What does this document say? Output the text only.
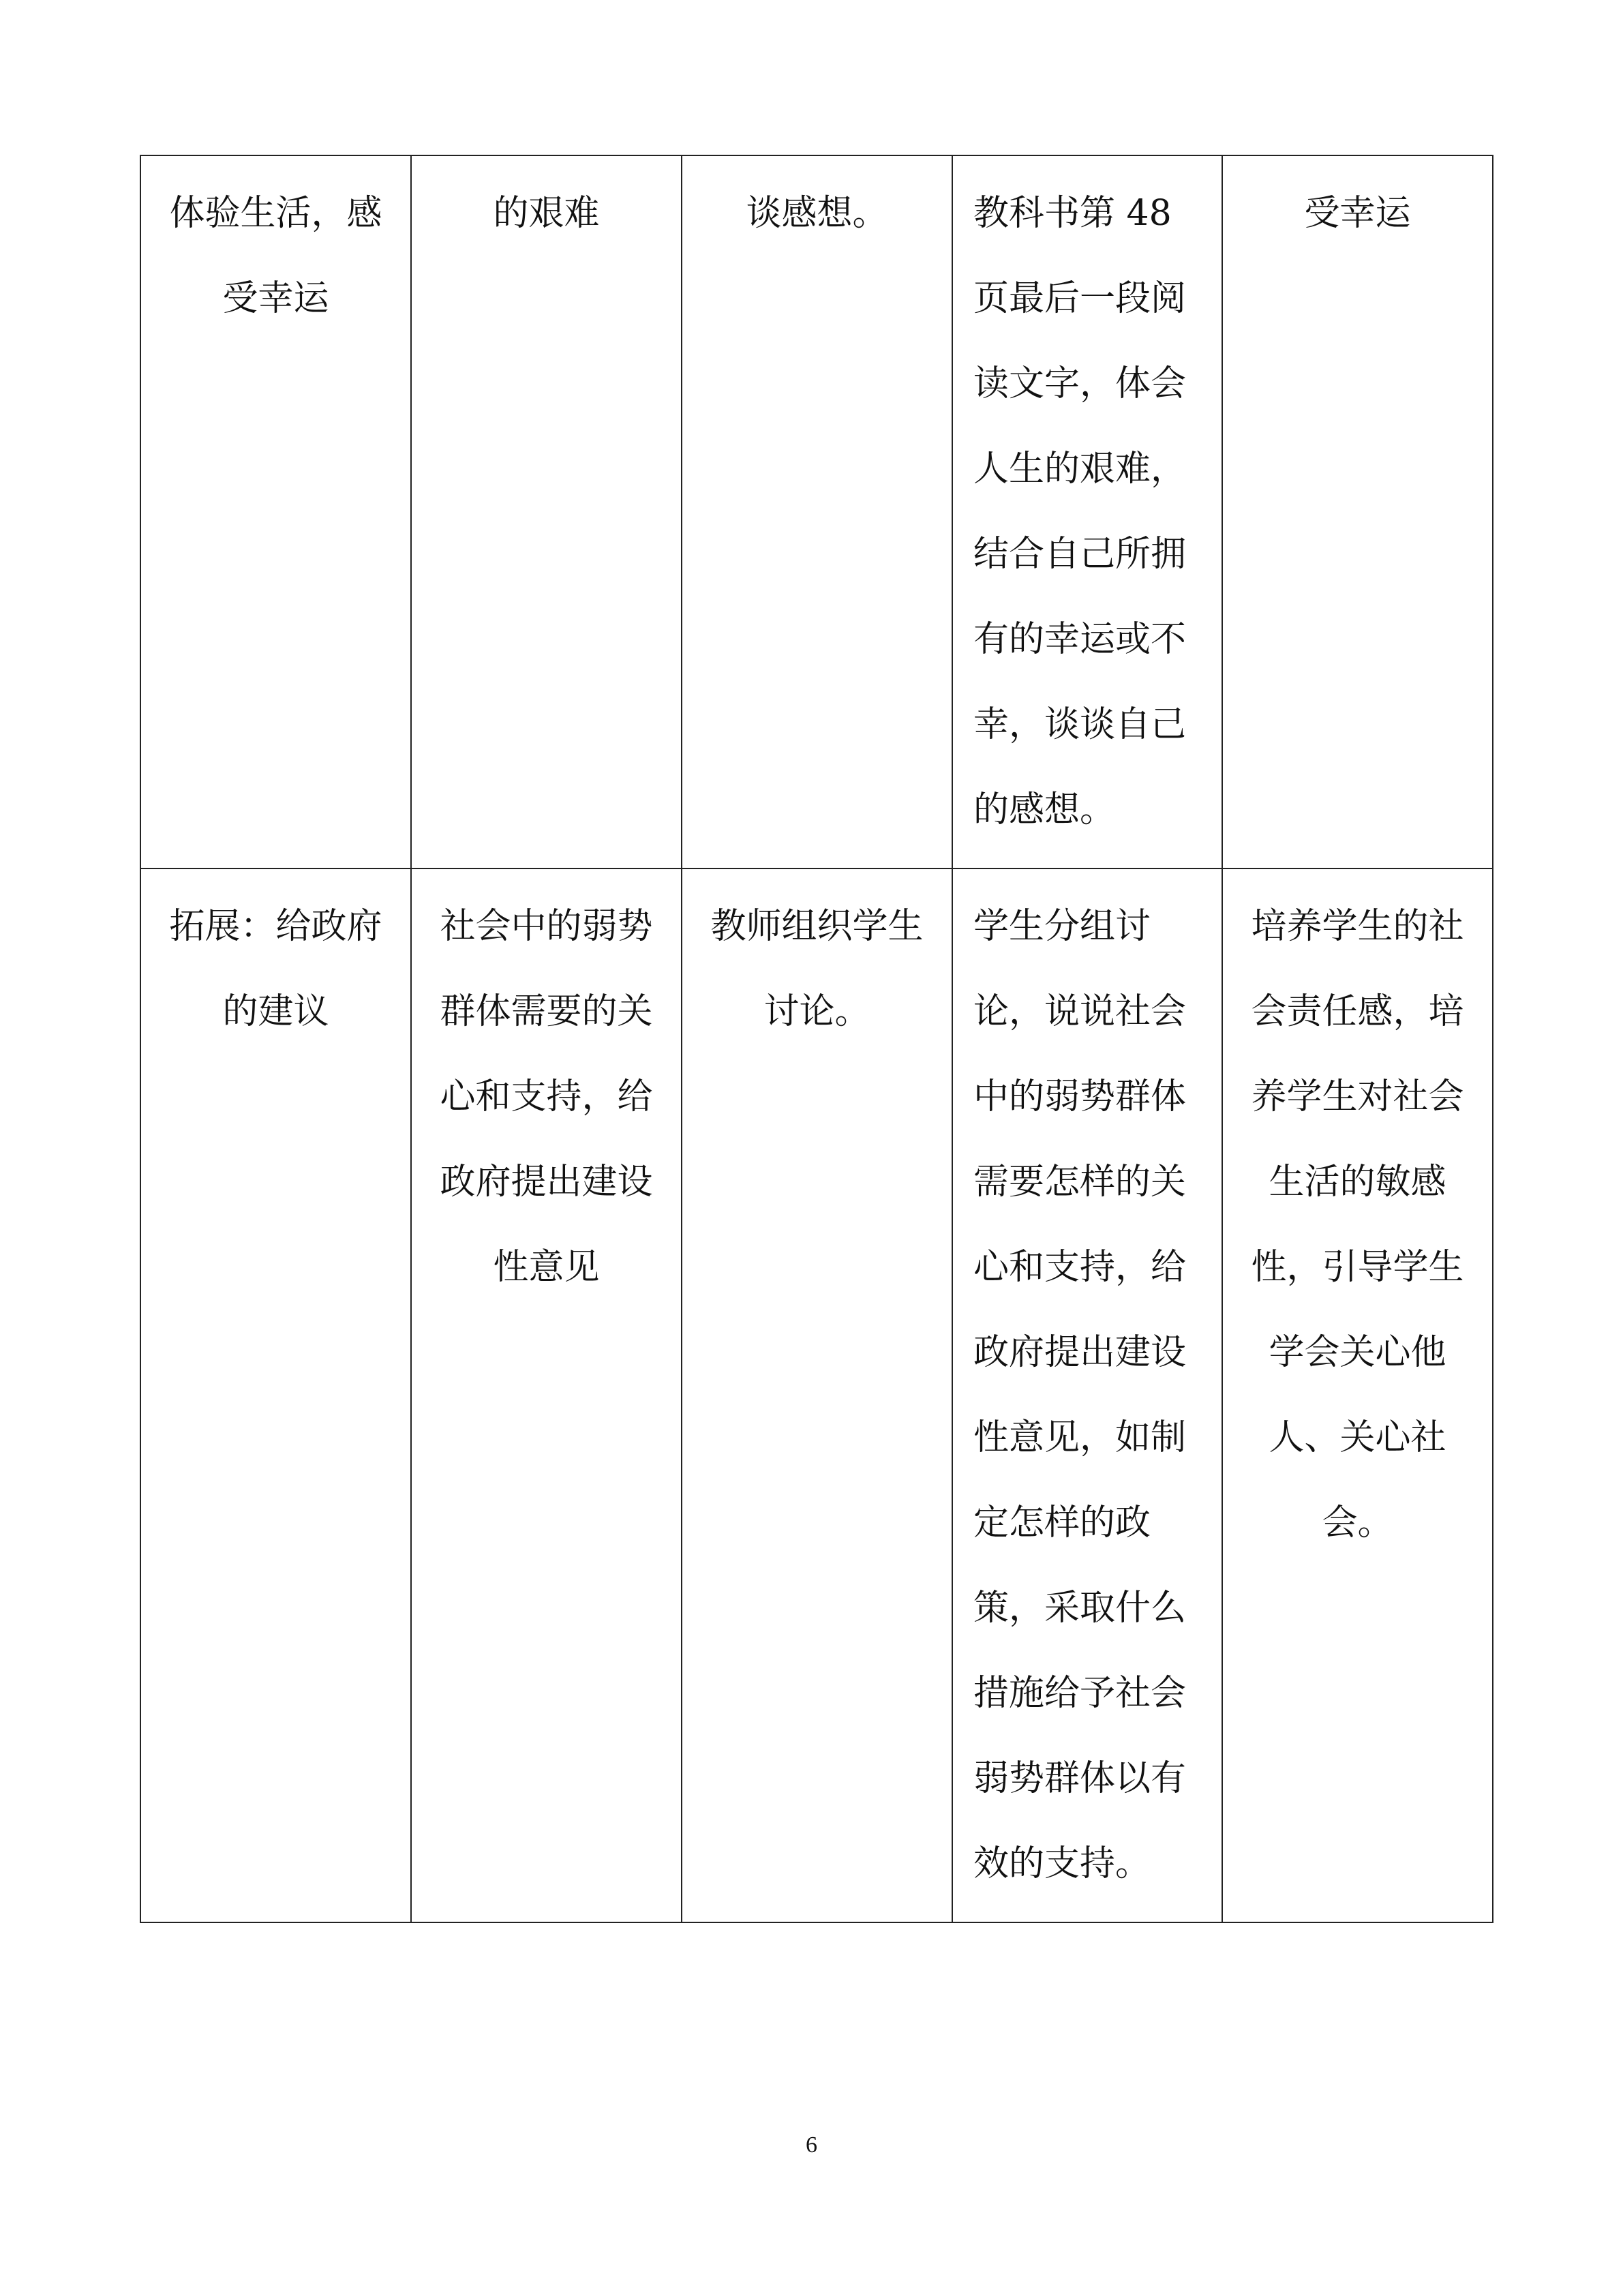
体验生活，感受幸运	的艰难	谈感想。	教科书第 48 页最后一段阅读文字，体会人生的艰难，结合自己所拥有的幸运或不幸，谈谈自己的感想。	受幸运
拓展：给政府的建议	社会中的弱势群体需要的关心和支持，给政府提出建设性意见	教师组织学生讨论。	学生分组讨论，说说社会中的弱势群体需要怎样的关心和支持，给政府提出建设性意见，如制定怎样的政策，采取什么措施给予社会弱势群体以有效的支持。	培养学生的社会责任感，培养学生对社会生活的敏感性，引导学生学会关心他人、关心社会。
6
